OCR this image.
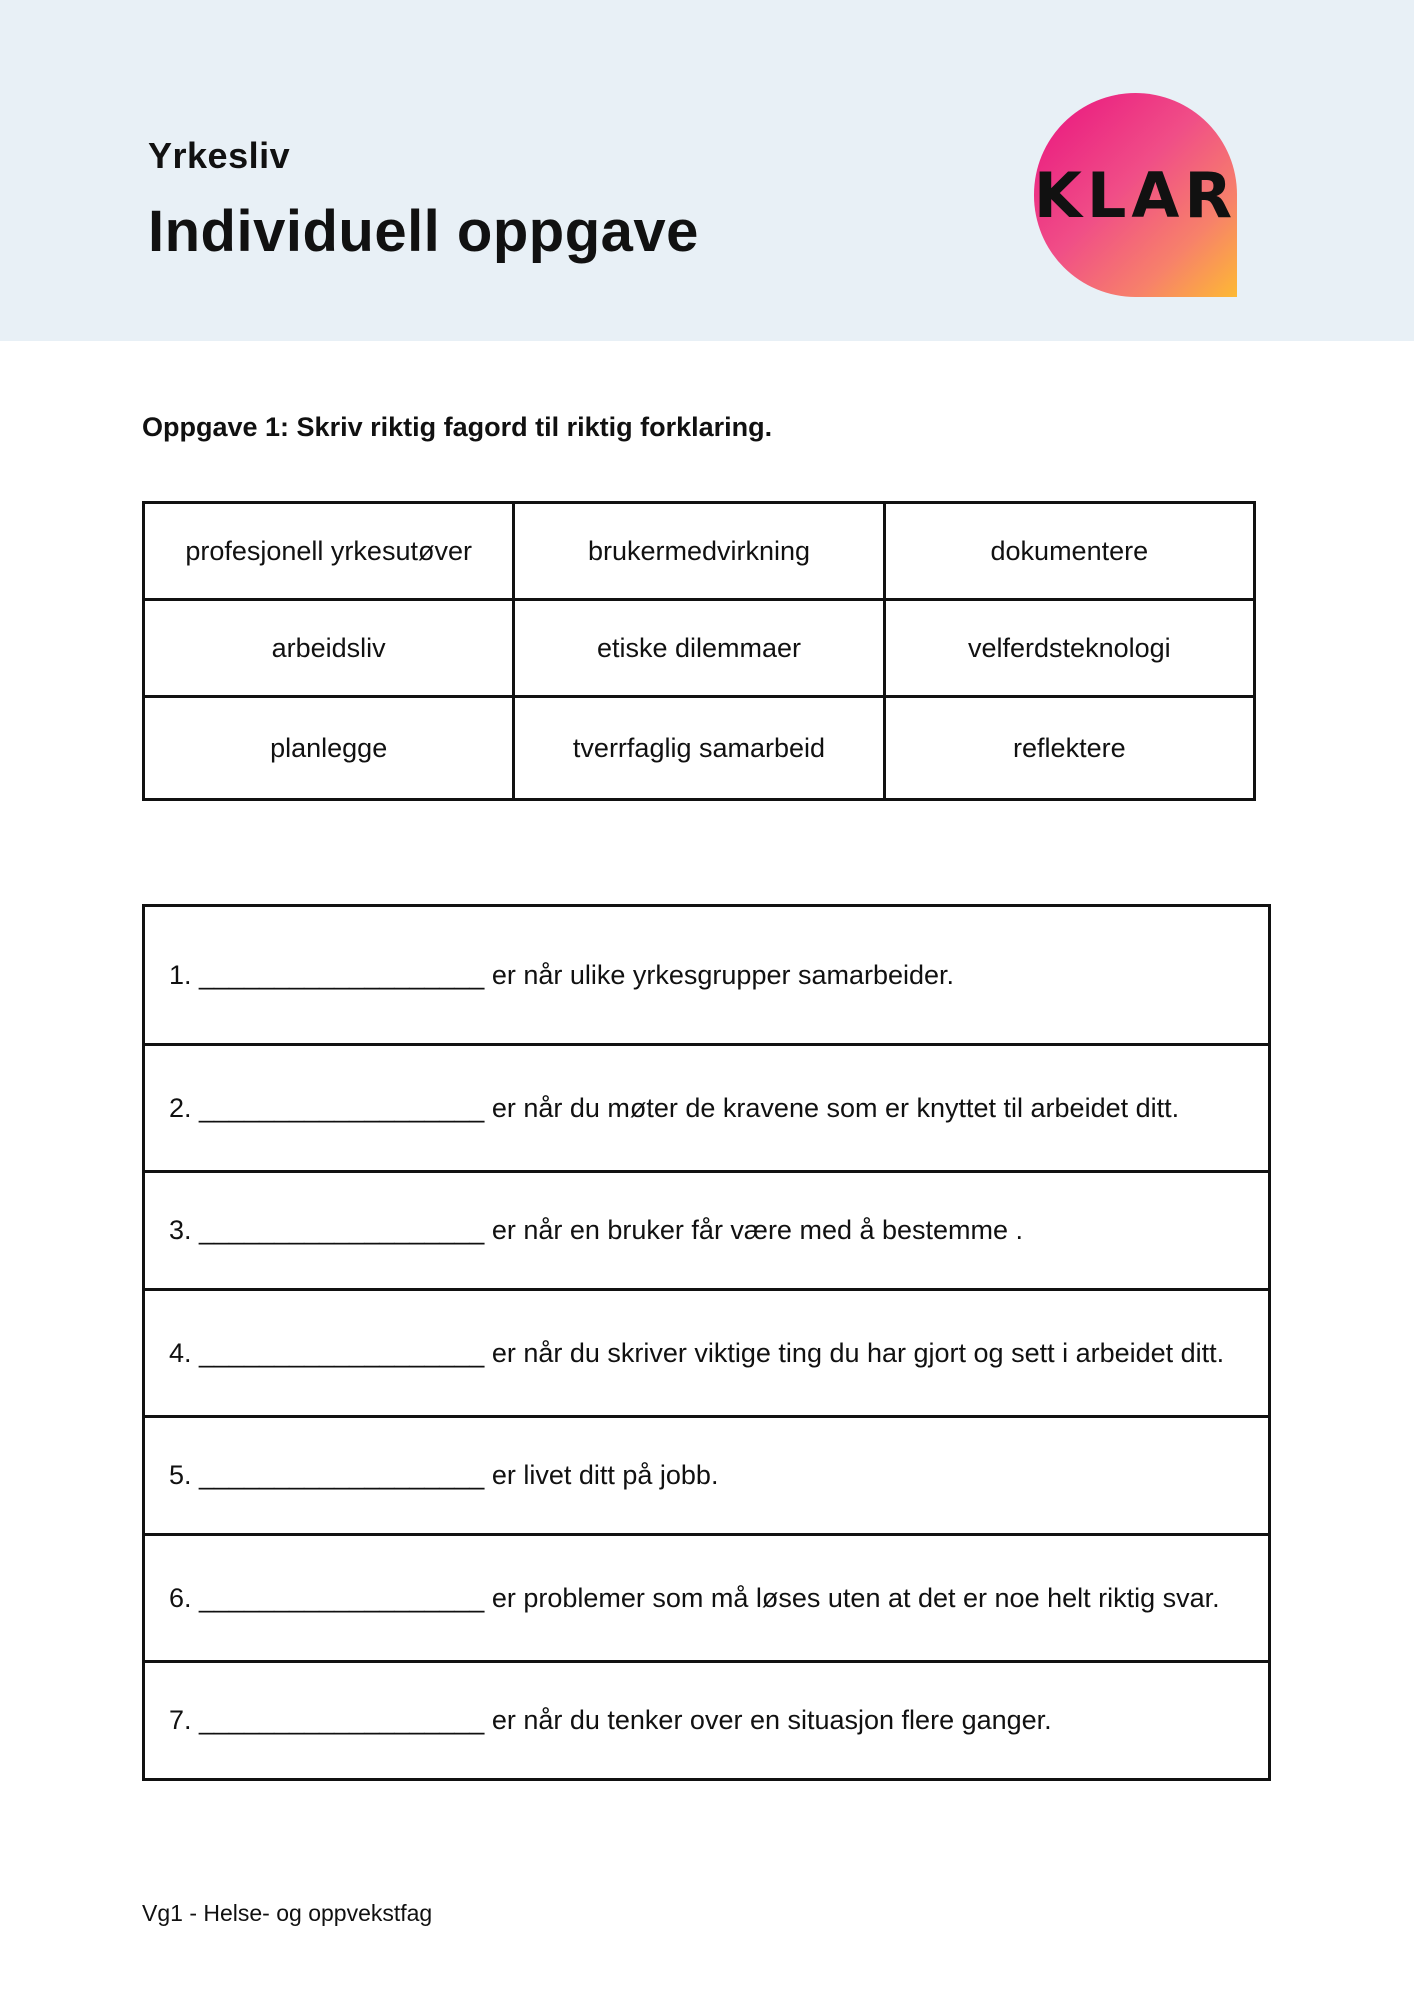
Yrkesliv
Individuell oppgave	KLAR
Oppgave 1: Skriv riktig fagord til riktig forklaring.
profesjonell yrkesutøver	brukermedvirkning	dokumentere
arbeidsliv	etiske dilemmaer	velferdsteknologi
planlegge	tverrfaglig samarbeid	reflektere
1. ___________________ er når ulike yrkesgrupper samarbeider.
2. ___________________ er når du møter de kravene som er knyttet til arbeidet ditt.
3. ___________________ er når en bruker får være med å bestemme .
4. ___________________ er når du skriver viktige ting du har gjort og sett i arbeidet ditt.
5. ___________________ er livet ditt på jobb.
6. ___________________ er problemer som må løses uten at det er noe helt riktig svar.
7. ___________________ er når du tenker over en situasjon flere ganger.
Vg1 - Helse- og oppvekstfag
